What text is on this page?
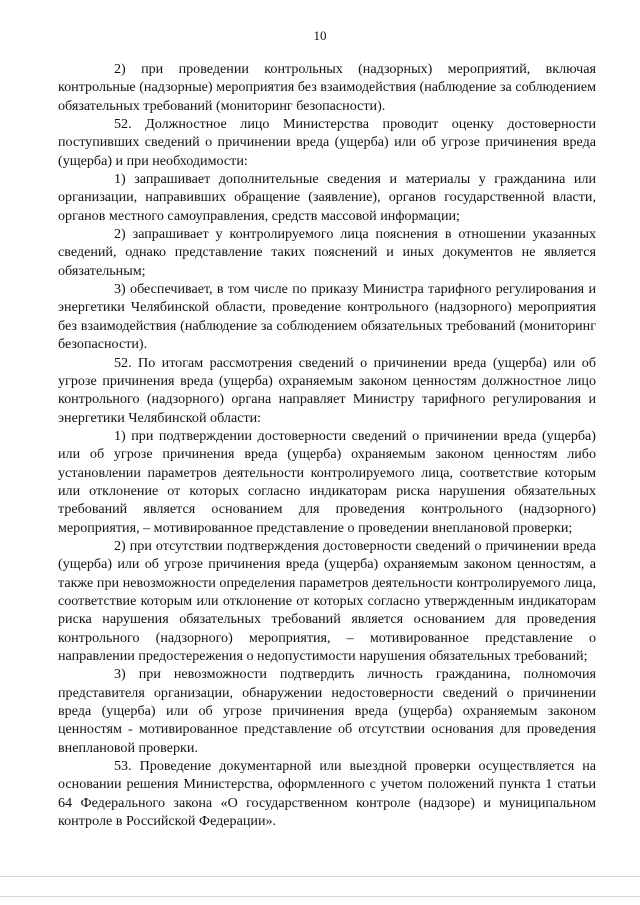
10

2) при проведении контрольных (надзорных) мероприятий, включая контрольные (надзорные) мероприятия без взаимодействия (наблюдение за соблюдением обязательных требований (мониторинг безопасности).

52. Должностное лицо Министерства проводит оценку достоверности поступивших сведений о причинении вреда (ущерба) или об угрозе причинения вреда (ущерба) и при необходимости:

1) запрашивает дополнительные сведения и материалы у гражданина или организации, направивших обращение (заявление), органов государственной власти, органов местного самоуправления, средств массовой информации;

2) запрашивает у контролируемого лица пояснения в отношении указанных сведений, однако представление таких пояснений и иных документов не является обязательным;

3) обеспечивает, в том числе по приказу Министра тарифного регулирования и энергетики Челябинской области, проведение контрольного (надзорного) мероприятия без взаимодействия (наблюдение за соблюдением обязательных требований (мониторинг безопасности).

52. По итогам рассмотрения сведений о причинении вреда (ущерба) или об угрозе причинения вреда (ущерба) охраняемым законом ценностям должностное лицо контрольного (надзорного) органа направляет Министру тарифного регулирования и энергетики Челябинской области:

1) при подтверждении достоверности сведений о причинении вреда (ущерба) или об угрозе причинения вреда (ущерба) охраняемым законом ценностям либо установлении параметров деятельности контролируемого лица, соответствие которым или отклонение от которых согласно индикаторам риска нарушения обязательных требований является основанием для проведения контрольного (надзорного) мероприятия, – мотивированное представление о проведении внеплановой проверки;

2) при отсутствии подтверждения достоверности сведений о причинении вреда (ущерба) или об угрозе причинения вреда (ущерба) охраняемым законом ценностям, а также при невозможности определения параметров деятельности контролируемого лица, соответствие которым или отклонение от которых согласно утвержденным индикаторам риска нарушения обязательных требований является основанием для проведения контрольного (надзорного) мероприятия, – мотивированное представление о направлении предостережения о недопустимости нарушения обязательных требований;

3) при невозможности подтвердить личность гражданина, полномочия представителя организации, обнаружении недостоверности сведений о причинении вреда (ущерба) или об угрозе причинения вреда (ущерба) охраняемым законом ценностям - мотивированное представление об отсутствии основания для проведения внеплановой проверки.

53. Проведение документарной или выездной проверки осуществляется на основании решения Министерства, оформленного с учетом положений пункта 1 статьи 64 Федерального закона «О государственном контроле (надзоре) и муниципальном контроле в Российской Федерации».
